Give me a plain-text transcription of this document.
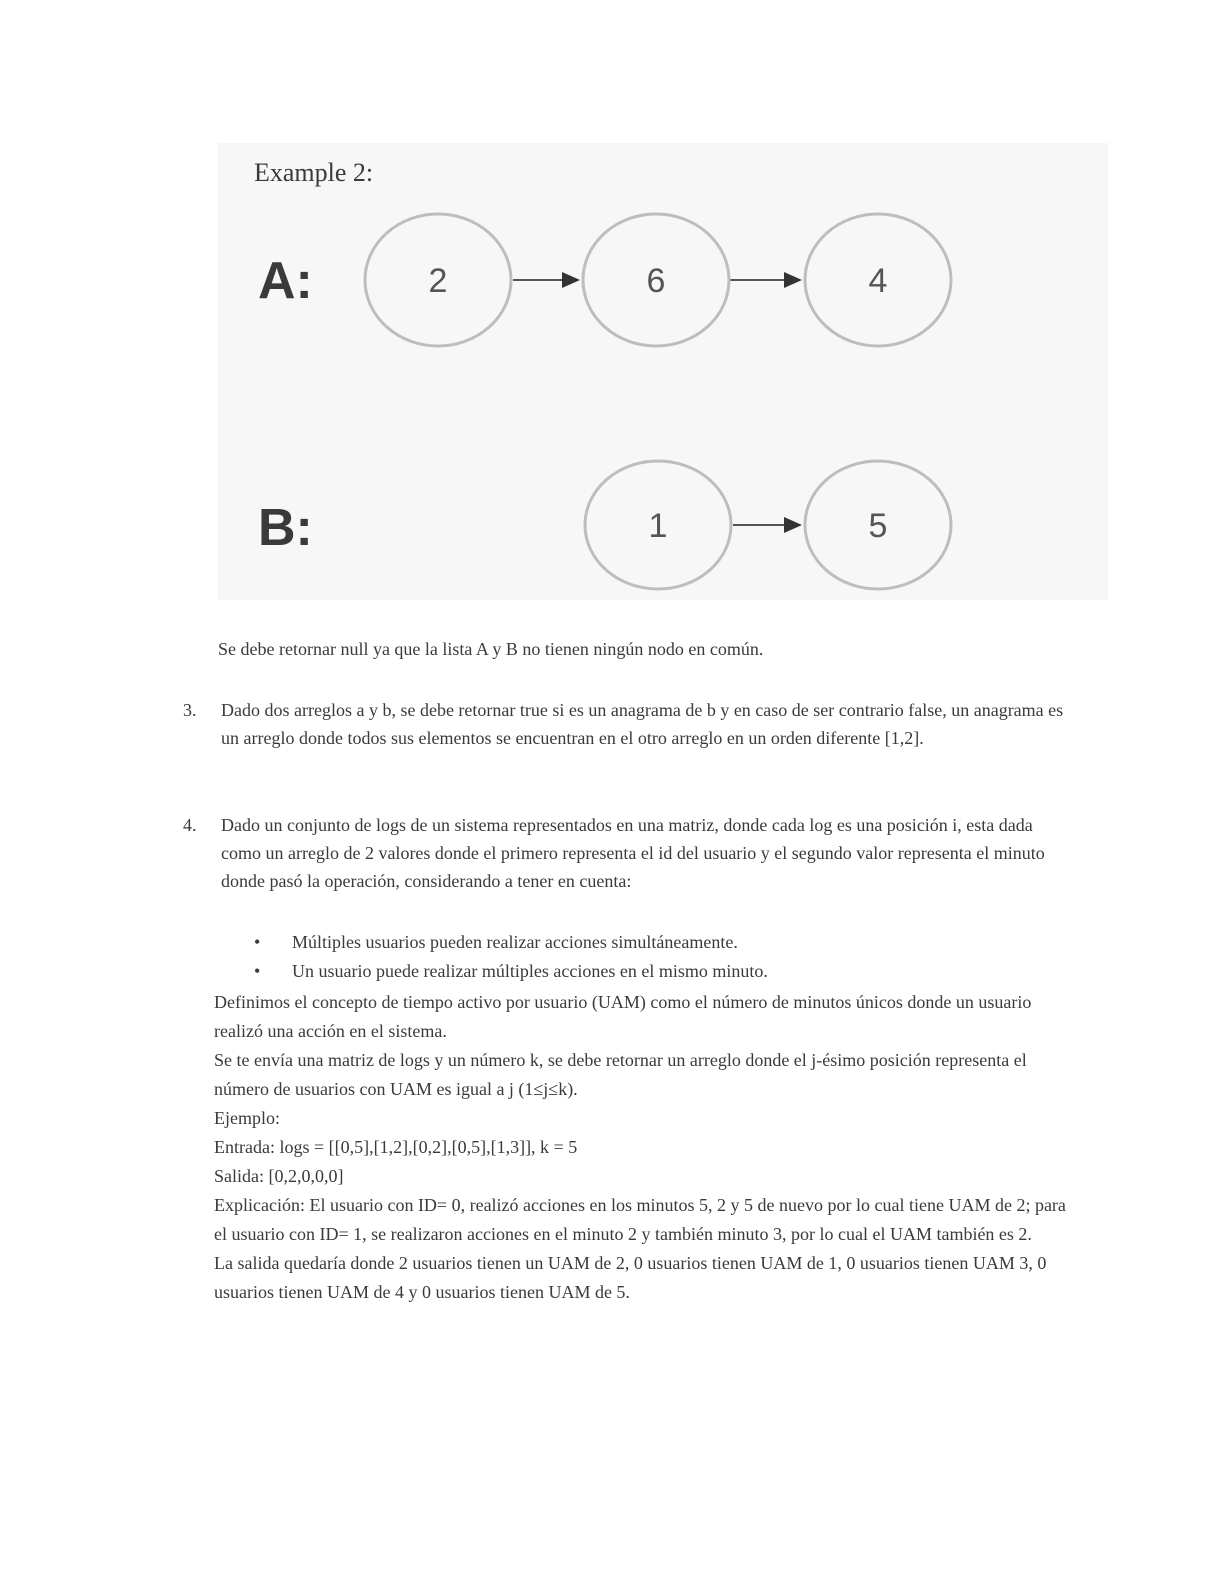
Example 2:
A:	2	6	4
B:	1	5
Se debe retornar null ya que la lista A y B no tienen ningún nodo en común.
3.	Dado dos arreglos a y b, se debe retornar true si es un anagrama de b y en caso de ser contrario false, un anagrama es un arreglo donde todos sus elementos se encuentran en el otro arreglo en un orden diferente [1,2].
4.	Dado un conjunto de logs de un sistema representados en una matriz, donde cada log es una posición i, esta dada como un arreglo de 2 valores donde el primero representa el id del usuario y el segundo valor representa el minuto donde pasó la operación, considerando a tener en cuenta:
• Múltiples usuarios pueden realizar acciones simultáneamente.
• Un usuario puede realizar múltiples acciones en el mismo minuto.

Definimos el concepto de tiempo activo por usuario (UAM) como el número de minutos únicos donde un usuario realizó una acción en el sistema.

Se te envía una matriz de logs y un número k, se debe retornar un arreglo donde el j-ésimo posición representa el número de usuarios con UAM es igual a j (1≤j≤k).

Ejemplo:

Entrada: logs = [[0,5],[1,2],[0,2],[0,5],[1,3]], k = 5

Salida: [0,2,0,0,0]

Explicación: El usuario con ID= 0, realizó acciones en los minutos 5, 2 y 5 de nuevo por lo cual tiene UAM de 2; para el usuario con ID= 1, se realizaron acciones en el minuto 2 y también minuto 3, por lo cual el UAM también es 2.

La salida quedaría donde 2 usuarios tienen un UAM de 2, 0 usuarios tienen UAM de 1, 0 usuarios tienen UAM 3, 0 usuarios tienen UAM de 4 y 0 usuarios tienen UAM de 5.
